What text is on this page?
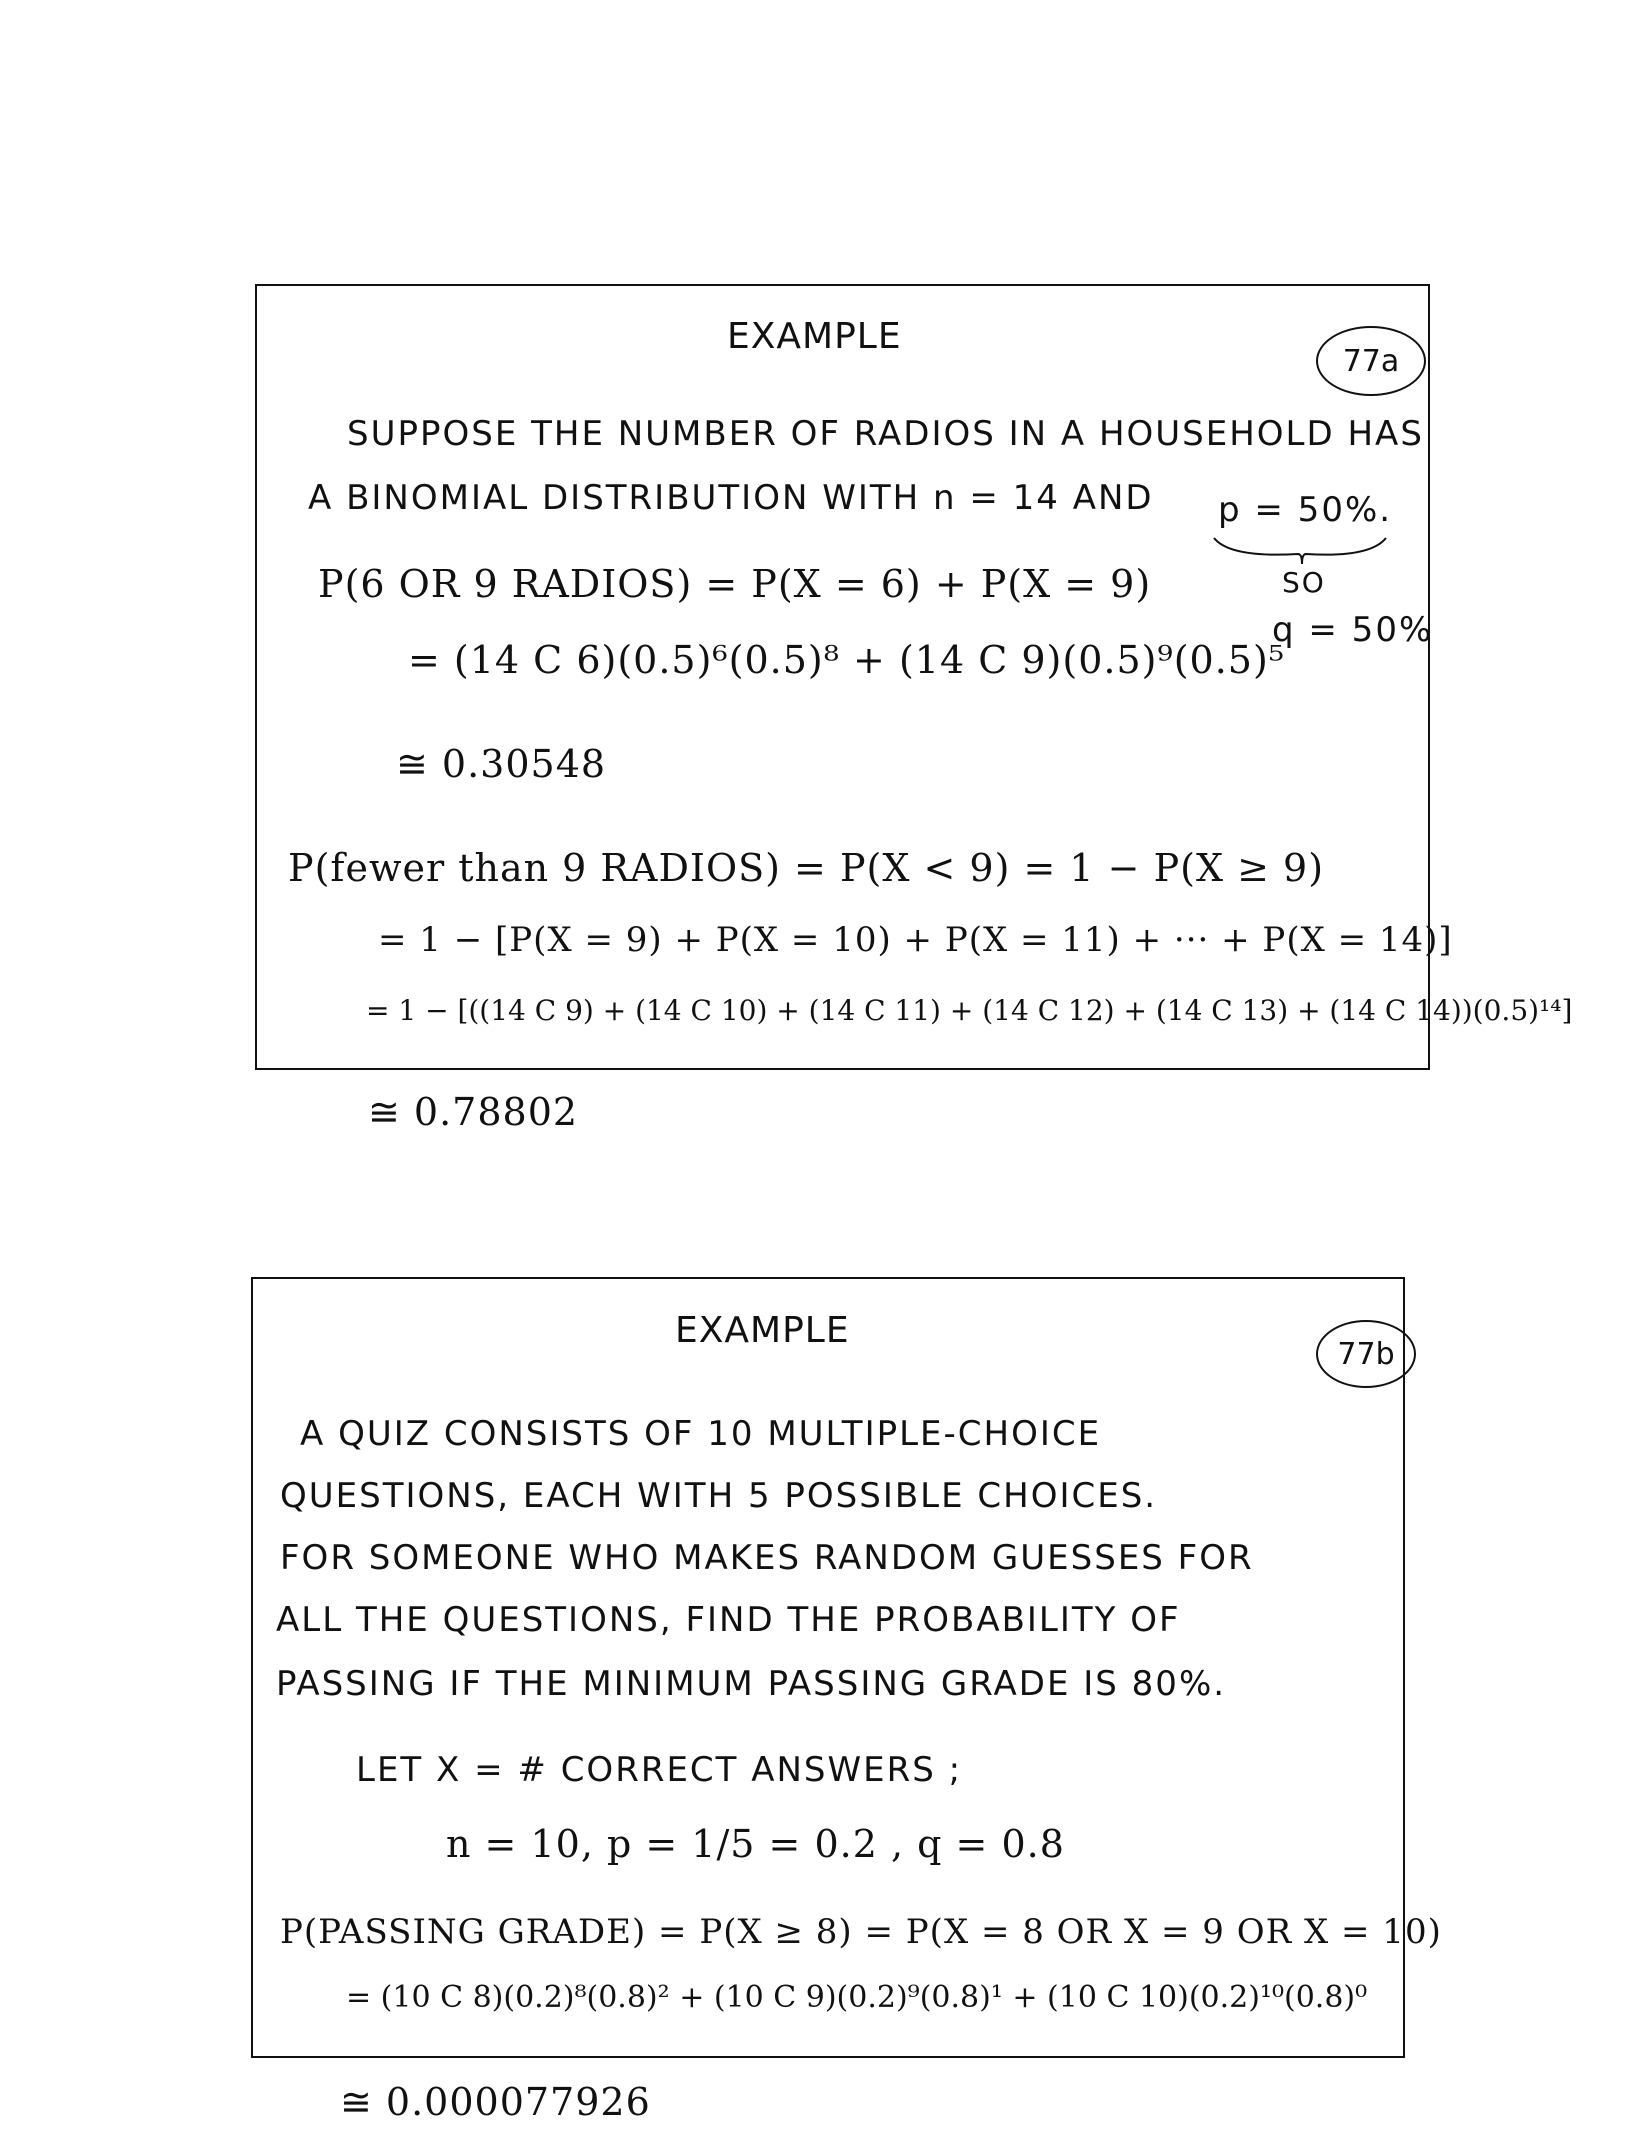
EXAMPLE
77a
SUPPOSE THE NUMBER OF RADIOS IN A HOUSEHOLD HAS
A BINOMIAL DISTRIBUTION WITH n = 14 AND p = 50%.
SO
q = 50%
P(6 OR 9 RADIOS) = P(X = 6) + P(X = 9)
= (14 C 6)(0.5)⁶(0.5)⁸ + (14 C 9)(0.5)⁹(0.5)⁵
≅ 0.30548
P(fewer than 9 RADIOS) = P(X < 9) = 1 − P(X ≥ 9)
= 1 − [P(X = 9) + P(X = 10) + P(X = 11) + ··· + P(X = 14)]
= 1 − [((14 C 9) + (14 C 10) + (14 C 11) + (14 C 12) + (14 C 13) + (14 C 14))(0.5)¹⁴]
≅ 0.78802
EXAMPLE
77b
A QUIZ CONSISTS OF 10 MULTIPLE-CHOICE
QUESTIONS, EACH WITH 5 POSSIBLE CHOICES.
FOR SOMEONE WHO MAKES RANDOM GUESSES FOR
ALL THE QUESTIONS, FIND THE PROBABILITY OF
PASSING IF THE MINIMUM PASSING GRADE IS 80%.
LET X = # CORRECT ANSWERS ;
n = 10, p = 1/5 = 0.2 , q = 0.8
P(PASSING GRADE) = P(X ≥ 8) = P(X = 8 OR X = 9 OR X = 10)
= (10 C 8)(0.2)⁸(0.8)² + (10 C 9)(0.2)⁹(0.8)¹ + (10 C 10)(0.2)¹⁰(0.8)⁰
≅ 0.000077926
